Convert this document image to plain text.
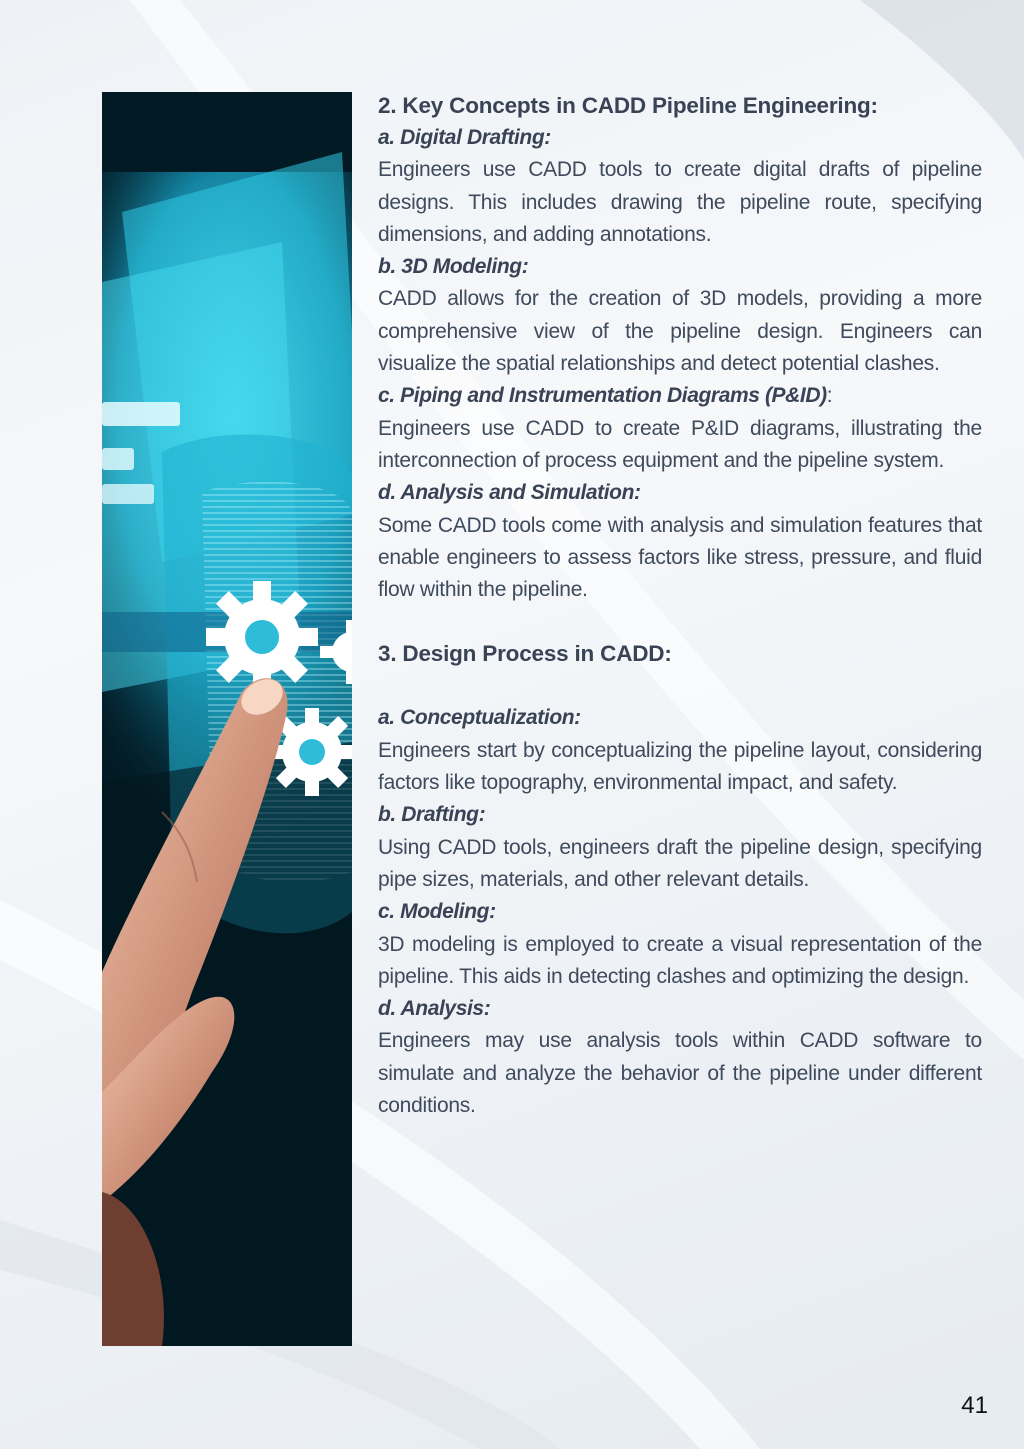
2. Key Concepts in CADD Pipeline Engineering:

a. Digital Drafting:

Engineers use CADD tools to create digital drafts of pipeline designs. This includes drawing the pipeline route, specifying dimensions, and adding annotations.

b. 3D Modeling:

CADD allows for the creation of 3D models, providing a more comprehensive view of the pipeline design. Engineers can visualize the spatial relationships and detect potential clashes.

c. Piping and Instrumentation Diagrams (P&ID):

Engineers use CADD to create P&ID diagrams, illustrating the interconnection of process equipment and the pipeline system.

d. Analysis and Simulation:

Some CADD tools come with analysis and simulation features that enable engineers to assess factors like stress, pressure, and fluid flow within the pipeline.

3. Design Process in CADD:

a. Conceptualization:

Engineers start by conceptualizing the pipeline layout, considering factors like topography, environmental impact, and safety.

b. Drafting:

Using CADD tools, engineers draft the pipeline design, specifying pipe sizes, materials, and other relevant details.

c. Modeling:

3D modeling is employed to create a visual representation of the pipeline. This aids in detecting clashes and optimizing the design.

d. Analysis:

Engineers may use analysis tools within CADD software to simulate and analyze the behavior of the pipeline under different conditions.

41
